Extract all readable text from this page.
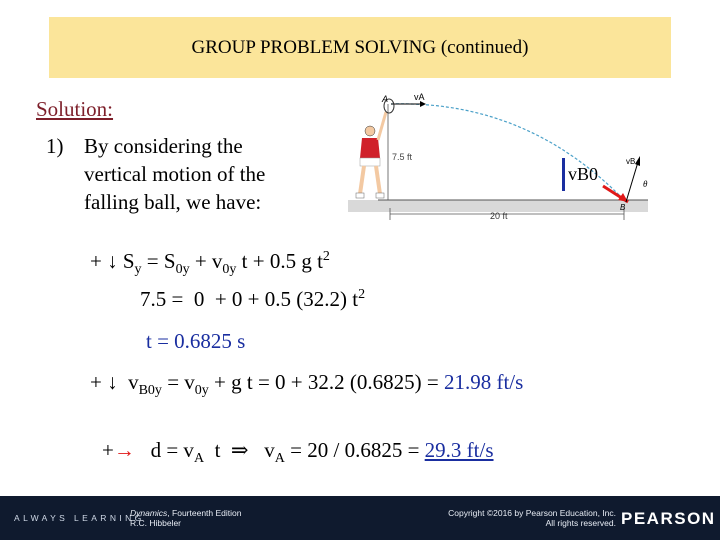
GROUP PROBLEM SOLVING (continued)
Solution:
1) By considering the
vertical motion of the
falling ball, we have:
A	vA
7.5 ft
vB0
vB
θ
B
20 ft
+ ↓ $S_y = S_{0y} + v_{0y}$ t + 0.5 g $t^2$
7.5 =  0  + 0 + 0.5 (32.2) $t^2$
t = 0.6825 s
+ ↓  $v_{B0y} = v_{0y} + g$ t = 0 + 32.2 (0.6825) = 21.98 ft/s
+→   $d = v_A$  t  ⇒   $v_A = 20 / 0.6825 = 29.3$ ft/s
ALWAYS LEARNING
Dynamics, Fourteenth Edition
R.C. Hibbeler
Copyright ©2016 by Pearson Education, Inc.
All rights reserved. PEARSON
